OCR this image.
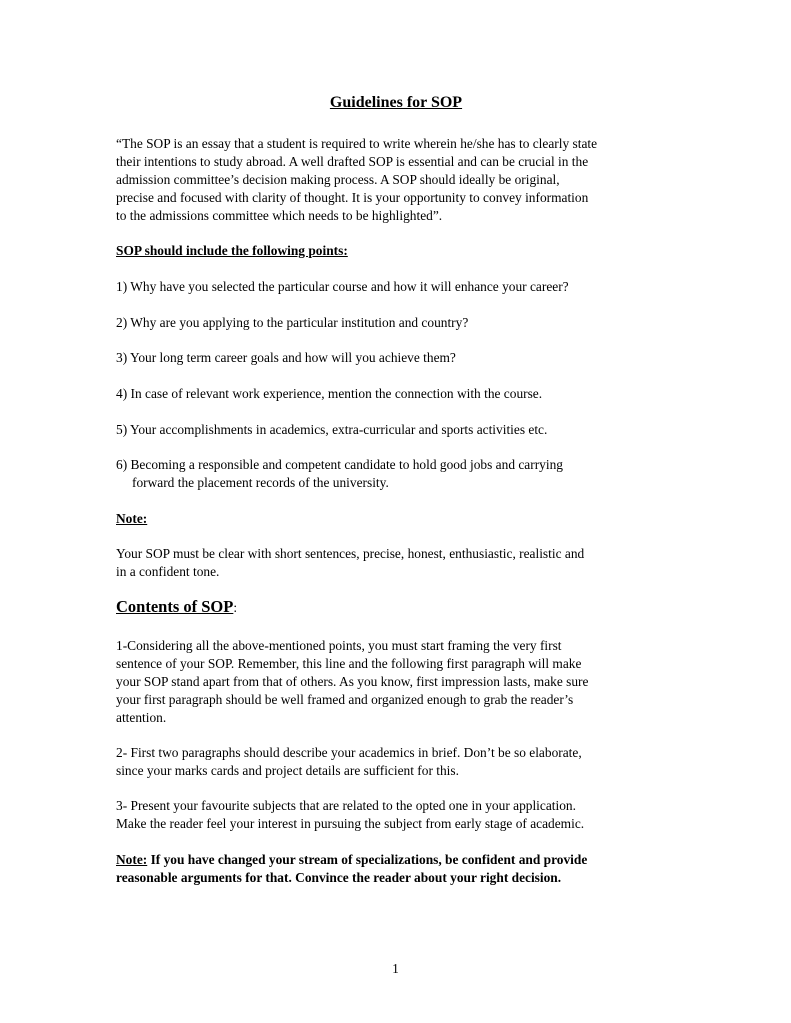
Guidelines for SOP
“The SOP is an essay that a student is required to write wherein he/she has to clearly state
their intentions to study abroad. A well drafted SOP is essential and can be crucial in the
admission committee’s decision making process. A SOP should ideally be original,
precise and focused with clarity of thought. It is your opportunity to convey information
to the admissions committee which needs to be highlighted”.
SOP should include the following points:
1) Why have you selected the particular course and how it will enhance your career?
2) Why are you applying to the particular institution and country?
3) Your long term career goals and how will you achieve them?
4) In case of relevant work experience, mention the connection with the course.
5) Your accomplishments in academics, extra-curricular and sports activities etc.
6) Becoming a responsible and competent candidate to hold good jobs and carrying
forward the placement records of the university.
Note:
Your SOP must be clear with short sentences, precise, honest, enthusiastic, realistic and
in a confident tone.
Contents of SOP:
1-Considering all the above-mentioned points, you must start framing the very first
sentence of your SOP. Remember, this line and the following first paragraph will make
your SOP stand apart from that of others. As you know, first impression lasts, make sure
your first paragraph should be well framed and organized enough to grab the reader’s
attention.
2- First two paragraphs should describe your academics in brief. Don’t be so elaborate,
since your marks cards and project details are sufficient for this.
3- Present your favourite subjects that are related to the opted one in your application.
Make the reader feel your interest in pursuing the subject from early stage of academic.
Note: If you have changed your stream of specializations, be confident and provide
reasonable arguments for that. Convince the reader about your right decision.
1
